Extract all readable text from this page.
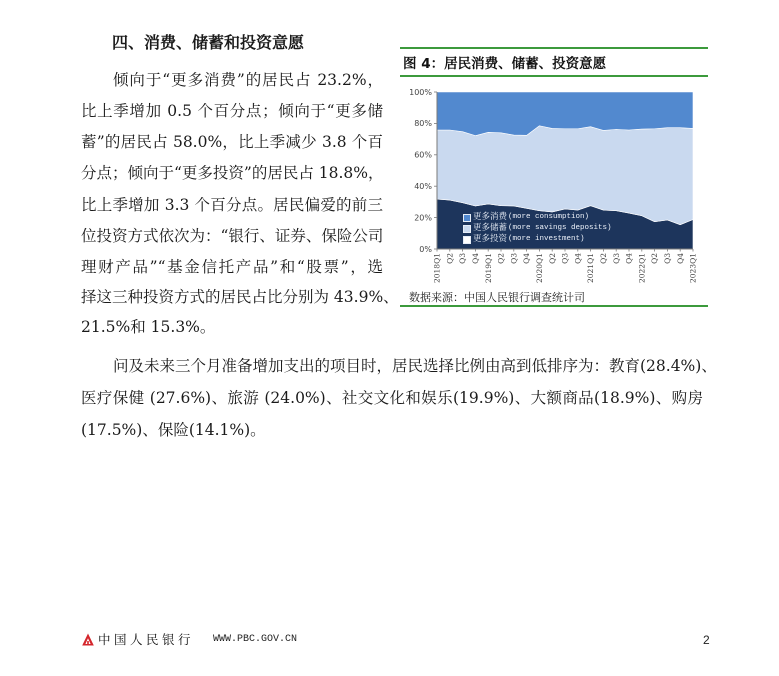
四、消费、储蓄和投资意愿
倾向于“更多消费”的居民占 23.2%，
比上季增加 0.5 个百分点；倾向于“更多储
蓄”的居民占 58.0%，比上季减少 3.8 个百
分点；倾向于“更多投资”的居民占 18.8%，
比上季增加 3.3 个百分点。居民偏爱的前三
位投资方式依次为：“银行、证券、保险公司
理财产品”“基金信托产品”和“股票”，选
择这三种投资方式的居民占比分别为 43.9%、
21.5%和 15.3%。
图 4：居民消费、储蓄、投资意愿
0%
20%
40%
60%
80%
100%
2018Q1 Q2 Q3 Q4 2019Q1 Q2 Q3 Q4 2020Q1 Q2 Q3 Q4 2021Q1 Q2 Q3 Q4 2022Q1 Q2 Q3 Q4 2023Q1
更多消费 (more consumption)
更多储蓄 (more savings deposits)
更多投资 (more investment)
数据来源：中国人民银行调查统计司
问及未来三个月准备增加支出的项目时，居民选择比例由高到低排序为：教育(28.4%)、
医疗保健 (27.6%)、旅游 (24.0%)、社交文化和娱乐(19.9%)、大额商品(18.9%)、购房
(17.5%)、保险(14.1%)。
中国人民银行 WWW.PBC.GOV.CN	2
